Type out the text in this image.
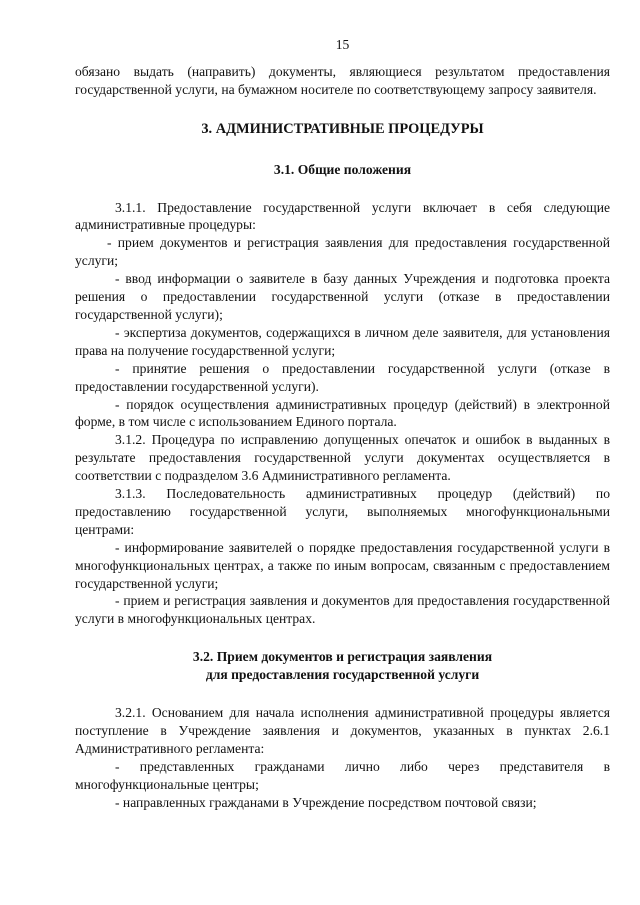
15

обязано выдать (направить) документы, являющиеся результатом предоставления государственной услуги, на бумажном носителе по соответствующему запросу заявителя.

3. АДМИНИСТРАТИВНЫЕ ПРОЦЕДУРЫ

3.1. Общие положения

3.1.1. Предоставление государственной услуги включает в себя следующие административные процедуры:

- прием документов и регистрация заявления для предоставления государственной услуги;

- ввод информации о заявителе в базу данных Учреждения и подготовка проекта решения о предоставлении государственной услуги (отказе в предоставлении государственной услуги);

- экспертиза документов, содержащихся в личном деле заявителя, для установления права на получение государственной услуги;

- принятие решения о предоставлении государственной услуги (отказе в предоставлении государственной услуги).

- порядок осуществления административных процедур (действий) в электронной форме, в том числе с использованием Единого портала.

3.1.2. Процедура по исправлению допущенных опечаток и ошибок в выданных в результате предоставления государственной услуги документах осуществляется в соответствии с подразделом 3.6 Административного регламента.

3.1.3. Последовательность административных процедур (действий) по предоставлению государственной услуги, выполняемых многофункциональными центрами:

- информирование заявителей о порядке предоставления государственной услуги в многофункциональных центрах, а также по иным вопросам, связанным с предоставлением государственной услуги;

- прием и регистрация заявления и документов для предоставления государственной услуги в многофункциональных центрах.

3.2. Прием документов и регистрация заявления
для предоставления государственной услуги

3.2.1. Основанием для начала исполнения административной процедуры является поступление в Учреждение заявления и документов, указанных в пунктах 2.6.1 Административного регламента:

- представленных гражданами лично либо через представителя в многофункциональные центры;

- направленных гражданами в Учреждение посредством почтовой связи;
